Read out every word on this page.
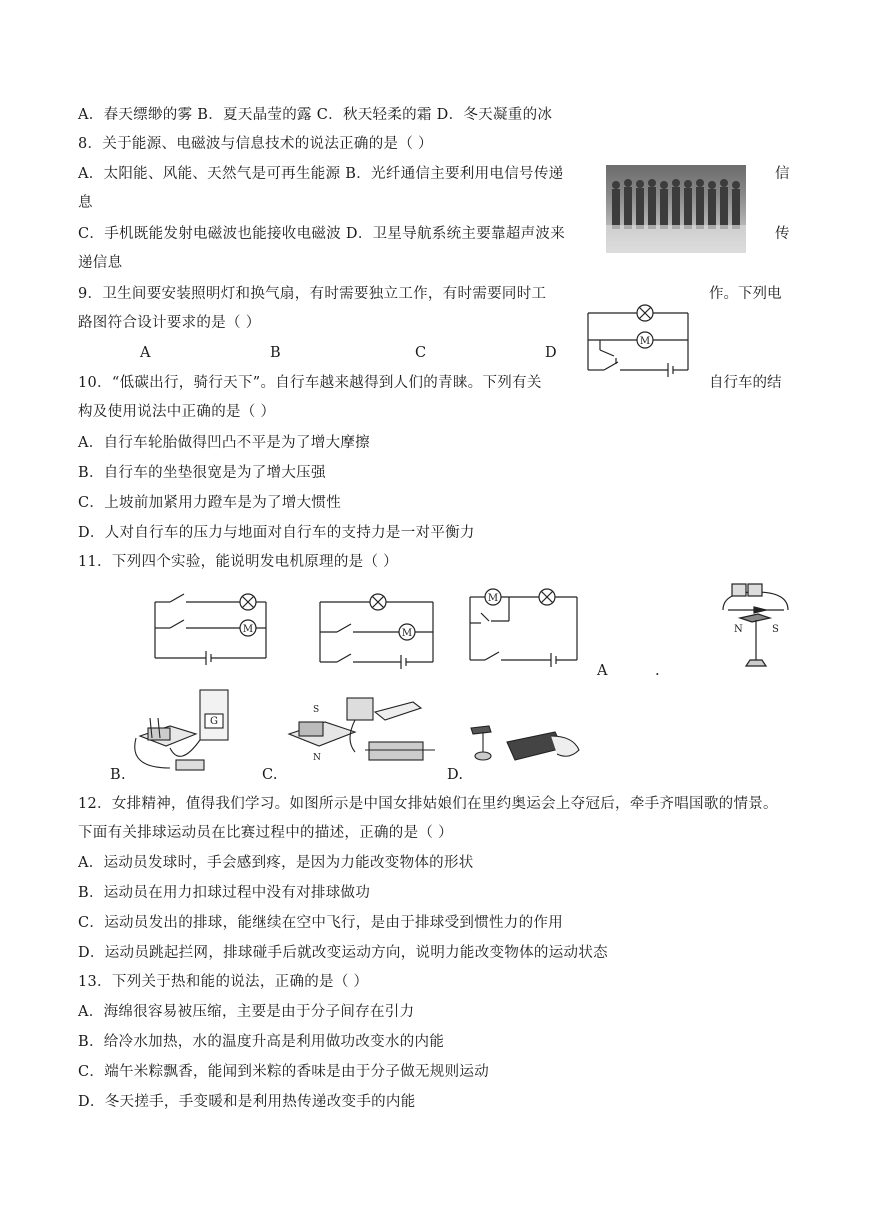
A．春天缥缈的雾 B．夏天晶莹的露 C．秋天轻柔的霜 D．冬天凝重的冰
8．关于能源、电磁波与信息技术的说法正确的是（ ）
A．太阳能、风能、天然气是可再生能源 B．光纤通信主要利用电信号传递	信
息
C．手机既能发射电磁波也能接收电磁波 D．卫星导航系统主要靠超声波来	传
递信息
9．卫生间要安装照明灯和换气扇，有时需要独立工作，有时需要同时工	作。下列电
路图符合设计要求的是（ ）
A	B	C	D
10．“低碳出行，骑行天下”。自行车越来越得到人们的青睐。下列有关	自行车的结
构及使用说法中正确的是（ ）
A．自行车轮胎做得凹凸不平是为了增大摩擦
B．自行车的坐垫很宽是为了增大压强
C．上坡前加紧用力蹬车是为了增大惯性
D．人对自行车的压力与地面对自行车的支持力是一对平衡力
11．下列四个实验，能说明发电机原理的是（ ）
12．女排精神，值得我们学习。如图所示是中国女排姑娘们在里约奥运会上夺冠后，牵手齐唱国歌的情景。
下面有关排球运动员在比赛过程中的描述，正确的是（ ）
A．运动员发球时，手会感到疼，是因为力能改变物体的形状
B．运动员在用力扣球过程中没有对排球做功
C．运动员发出的排球，能继续在空中飞行，是由于排球受到惯性力的作用
D．运动员跳起拦网，排球碰手后就改变运动方向，说明力能改变物体的运动状态
13．下列关于热和能的说法，正确的是（ ）
A．海绵很容易被压缩，主要是由于分子间存在引力
B．给冷水加热，水的温度升高是利用做功改变水的内能
C．端午米粽飘香，能闻到米粽的香味是由于分子做无规则运动
D．冬天搓手，手变暖和是利用热传递改变手的内能
M
M	M
M
A	.
N	S
B.
G
C.
S
N
D.
